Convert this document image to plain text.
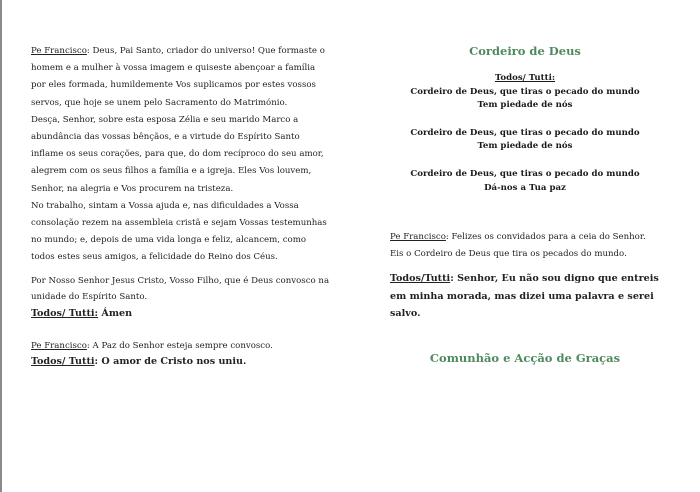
Pe Francisco: Deus, Pai Santo, criador do universo! Que formaste o homem e a mulher à vossa imagem e quiseste abençoar a família por eles formada, humildemente Vos suplicamos por estes vossos servos, que hoje se unem pelo Sacramento do Matrimónio.
Desça, Senhor, sobre esta esposa Zélia e seu marido Marco a abundância das vossas bênçãos, e a virtude do Espírito Santo inflame os seus corações, para que, do dom recíproco do seu amor, alegrem com os seus filhos a família e a igreja. Eles Vos louvem, Senhor, na alegria e Vos procurem na tristeza.
No trabalho, sintam a Vossa ajuda e, nas dificuldades a Vossa consolação rezem na assembleia cristã e sejam Vossas testemunhas no mundo; e, depois de uma vida longa e feliz, alcancem, como todos estes seus amigos, a felicidade do Reino dos Céus.

Por Nosso Senhor Jesus Cristo, Vosso Filho, que é Deus convosco na unidade do Espírito Santo.

Todos/ Tutti: Ámen

Pe Francisco: A Paz do Senhor esteja sempre convosco.

Todos/ Tutti: O amor de Cristo nos uniu.

Cordeiro de Deus
Todos/ Tutti:
Cordeiro de Deus, que tiras o pecado do mundo
Tem piedade de nós
Cordeiro de Deus, que tiras o pecado do mundo
Tem piedade de nós
Cordeiro de Deus, que tiras o pecado do mundo
Dá-nos a Tua paz

Pe Francisco: Felizes os convidados para a ceia do Senhor. Eis o Cordeiro de Deus que tira os pecados do mundo.

Todos/Tutti: Senhor, Eu não sou digno que entreis em minha morada, mas dizei uma palavra e serei salvo.

Comunhão e Acção de Graças
